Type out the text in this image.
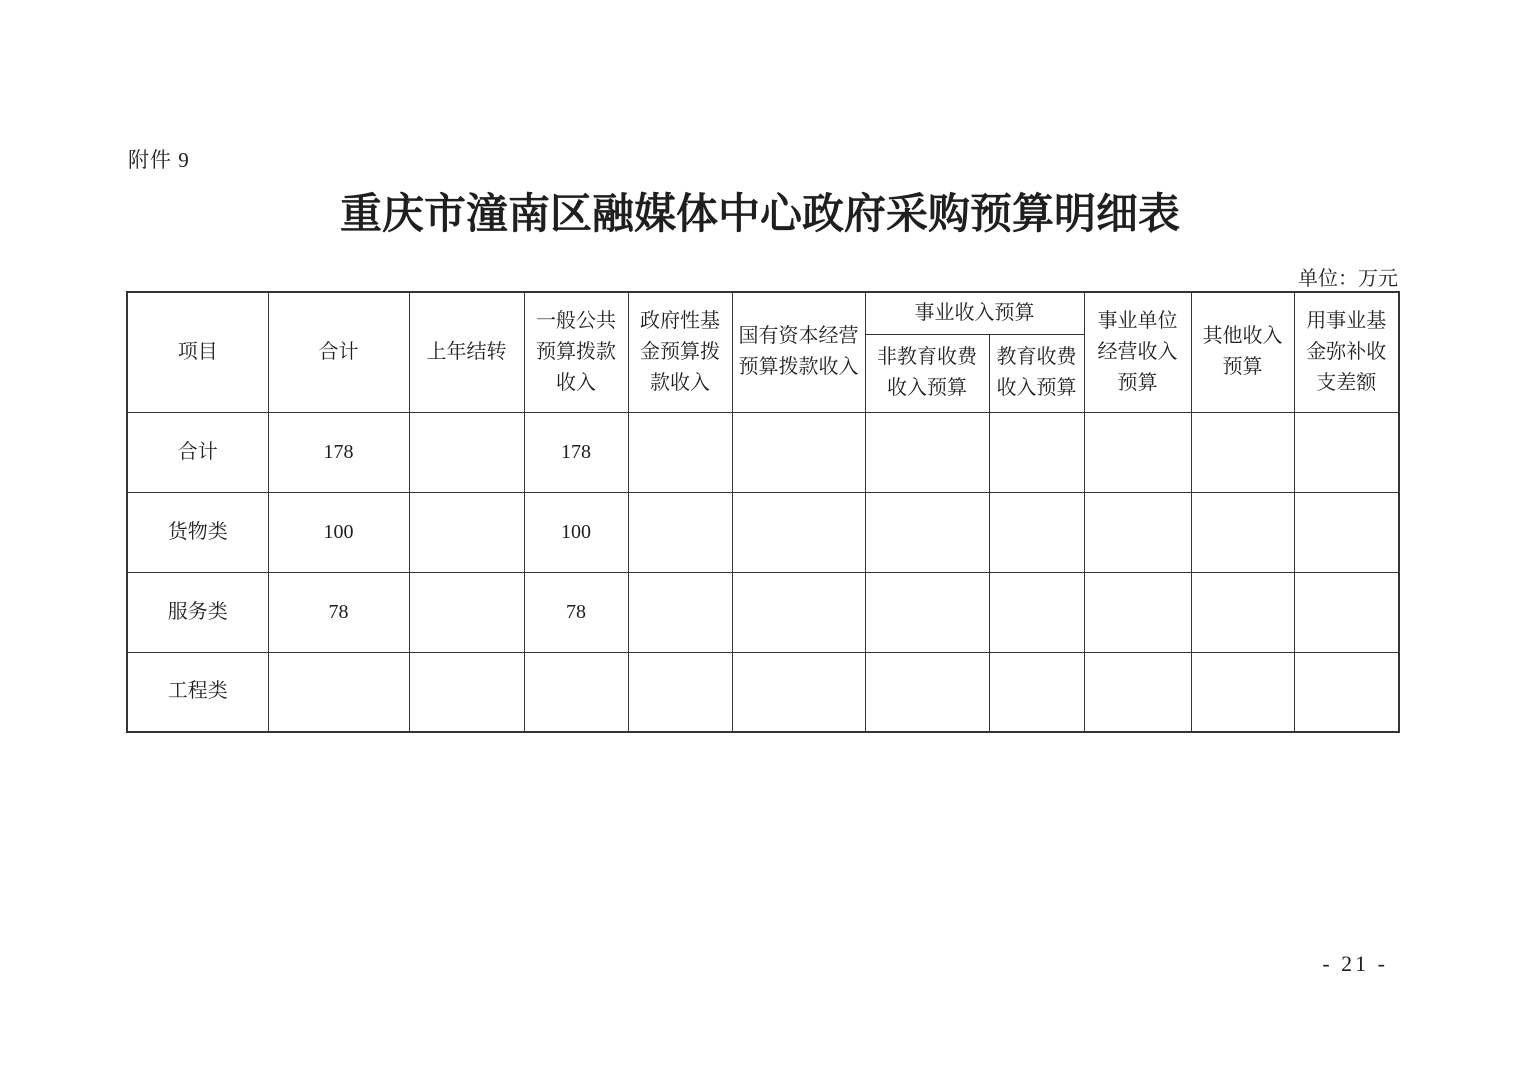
附件 9
重庆市潼南区融媒体中心政府采购预算明细表
单位：万元
项目	合计	上年结转	一般公共预算拨款收入	政府性基金预算拨款收入	国有资本经营预算拨款收入	事业收入预算		事业单位经营收入预算	其他收入预算	用事业基金弥补收支差额
						非教育收费收入预算	教育收费收入预算			
合计	178		178							
货物类	100		100							
服务类	78		78							
工程类										
- 21 -
